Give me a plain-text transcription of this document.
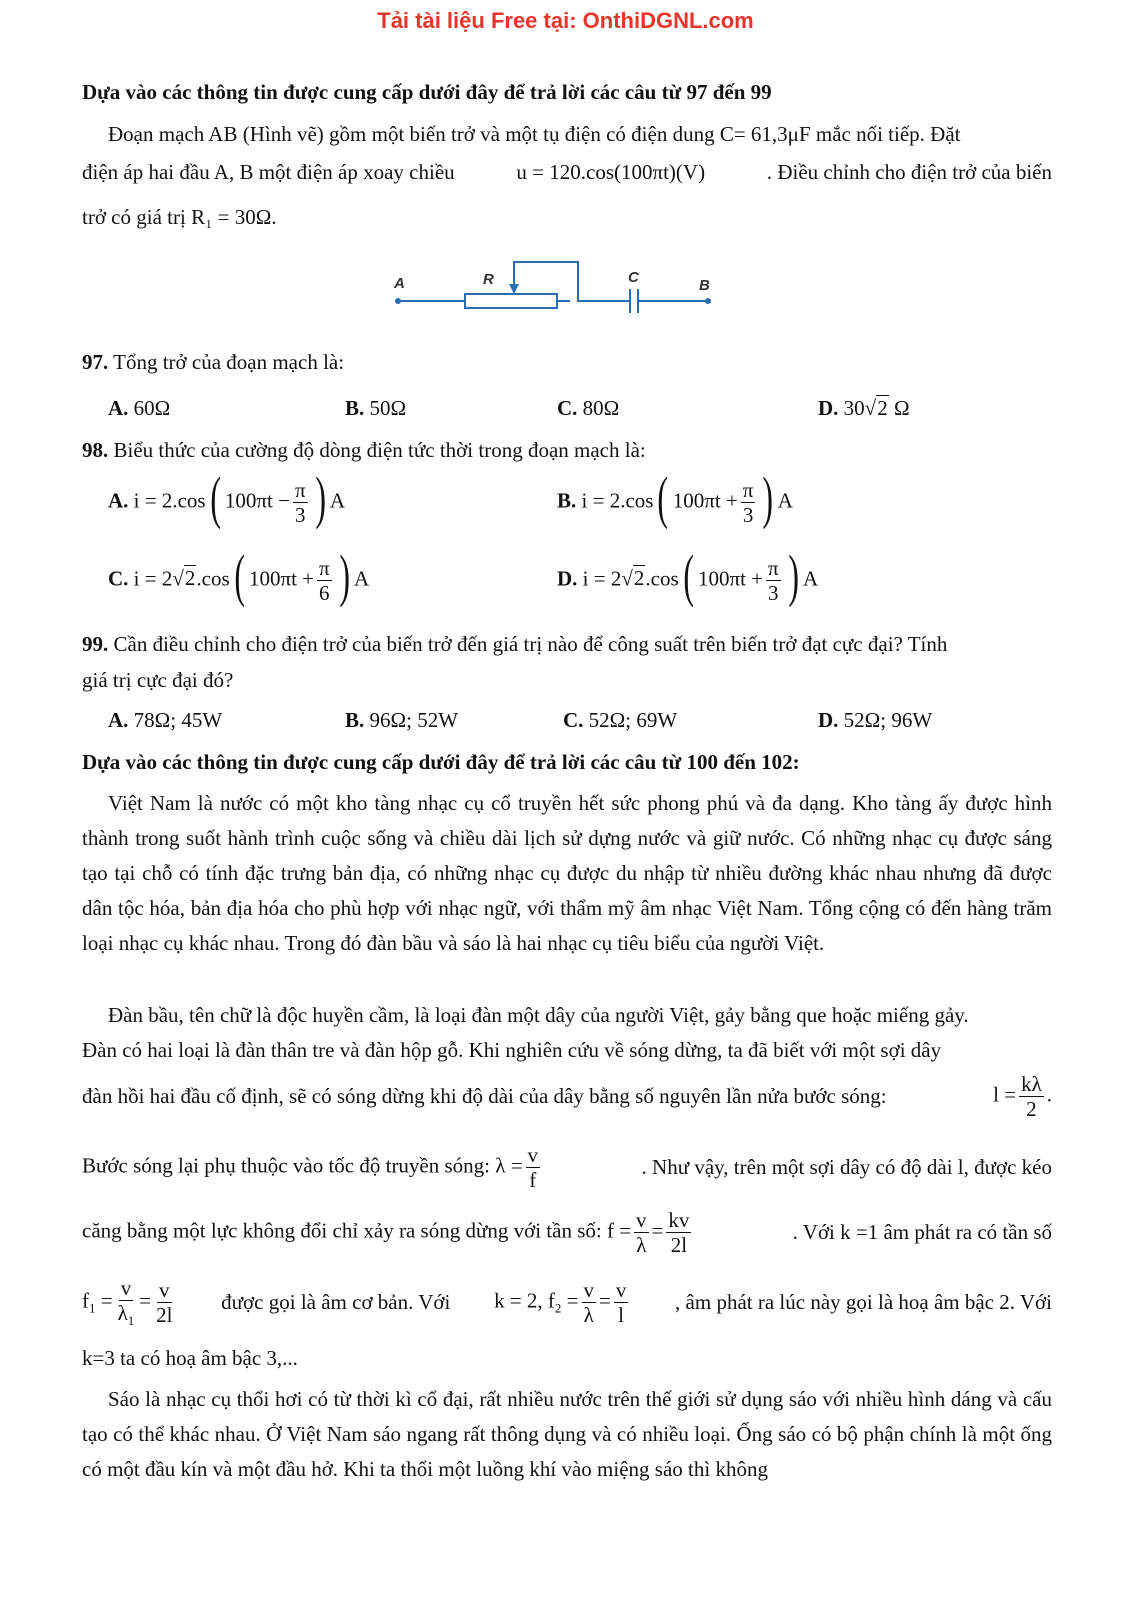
Tải tài liệu Free tại: OnthiDGNL.com
Dựa vào các thông tin được cung cấp dưới đây để trả lời các câu từ 97 đến 99
Đoạn mạch AB (Hình vẽ) gồm một biến trở và một tụ điện có điện dung C= 61,3μF mắc nối tiếp. Đặt
điện áp hai đầu A, B một điện áp xoay chiều	u = 120.cos(100πt)(V)	. Điều chỉnh cho điện trở của biến
trở có giá trị R₁ = 30Ω.
A	R	C	B
97. Tổng trở của đoạn mạch là:
A. 60Ω	B. 50Ω	C. 80Ω	D. 30√2 Ω
98. Biểu thức của cường độ dòng điện tức thời trong đoạn mạch là:
A. i = 2.cos( $100\pi t - \frac{\pi}{3}$ ) A	B. i = 2.cos( $100\pi t + \frac{\pi}{3}$ ) A
C. i = 2√2.cos( $100\pi t + \frac{\pi}{6}$ ) A	D. i = 2√2.cos( $100\pi t + \frac{\pi}{3}$ ) A
99. Cần điều chỉnh cho điện trở của biến trở đến giá trị nào để công suất trên biến trở đạt cực đại? Tính
giá trị cực đại đó?
A. 78Ω; 45W	B. 96Ω; 52W	C. 52Ω; 69W	D. 52Ω; 96W
Dựa vào các thông tin được cung cấp dưới đây để trả lời các câu từ 100 đến 102:
Việt Nam là nước có một kho tàng nhạc cụ cổ truyền hết sức phong phú và đa dạng. Kho tàng ấy được hình thành trong suốt hành trình cuộc sống và chiều dài lịch sử dựng nước và giữ nước. Có những nhạc cụ được sáng tạo tại chỗ có tính đặc trưng bản địa, có những nhạc cụ được du nhập từ nhiều đường khác nhau nhưng đã được dân tộc hóa, bản địa hóa cho phù hợp với nhạc ngữ, với thẩm mỹ âm nhạc Việt Nam. Tổng cộng có đến hàng trăm loại nhạc cụ khác nhau. Trong đó đàn bầu và sáo là hai nhạc cụ tiêu biểu của người Việt.
Đàn bầu, tên chữ là độc huyền cầm, là loại đàn một dây của người Việt, gảy bằng que hoặc miếng gảy.
Đàn có hai loại là đàn thân tre và đàn hộp gỗ. Khi nghiên cứu về sóng dừng, ta đã biết với một sợi dây
đàn hồi hai đầu cố định, sẽ có sóng dừng khi độ dài của dây bằng số nguyên lần nửa bước sóng:	$l = \frac{k\lambda}{2}$ .
Bước sóng lại phụ thuộc vào tốc độ truyền sóng: $\lambda = \frac{v}{f}$	. Như vậy, trên một sợi dây có độ dài l, được kéo
căng bằng một lực không đổi chỉ xảy ra sóng dừng với tần số: $f = \frac{v}{\lambda} = \frac{kv}{2l}$	. Với k =1 âm phát ra có tần số
$f_1 = \frac{v}{\lambda_1} = \frac{v}{2l}$ được gọi là âm cơ bản. Với k = 2, $f_2 = \frac{v}{\lambda} = \frac{v}{l}$ , âm phát ra lúc này gọi là hoạ âm bậc 2. Với
k=3 ta có hoạ âm bậc 3,...
Sáo là nhạc cụ thổi hơi có từ thời kì cổ đại, rất nhiều nước trên thế giới sử dụng sáo với nhiều hình dáng và cấu tạo có thể khác nhau. Ở Việt Nam sáo ngang rất thông dụng và có nhiều loại. Ống sáo có bộ phận chính là một ống có một đầu kín và một đầu hở. Khi ta thổi một luồng khí vào miệng sáo thì không
